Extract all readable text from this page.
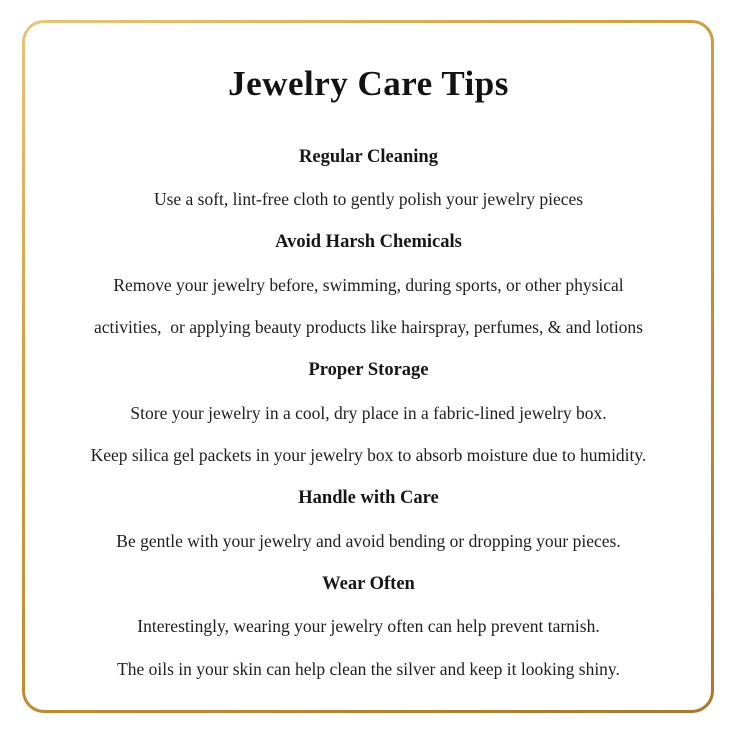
Jewelry Care Tips
Regular Cleaning

Use a soft, lint-free cloth to gently polish your jewelry pieces

Avoid Harsh Chemicals

Remove your jewelry before, swimming, during sports, or other physical

activities,  or applying beauty products like hairspray, perfumes, & and lotions

Proper Storage

Store your jewelry in a cool, dry place in a fabric-lined jewelry box.

Keep silica gel packets in your jewelry box to absorb moisture due to humidity.

Handle with Care

Be gentle with your jewelry and avoid bending or dropping your pieces.

Wear Often

Interestingly, wearing your jewelry often can help prevent tarnish.

The oils in your skin can help clean the silver and keep it looking shiny.
